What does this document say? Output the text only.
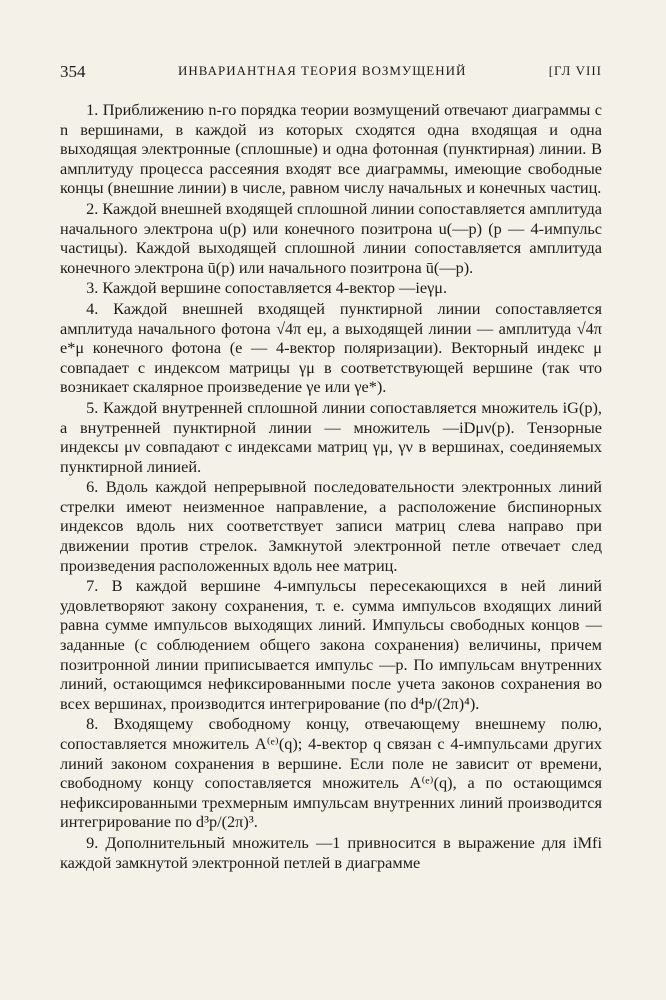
354	ИНВАРИАНТНАЯ ТЕОРИЯ ВОЗМУЩЕНИЙ	[ГЛ VIII

1. Приближению n-го порядка теории возмущений отвечают диаграммы с n вершинами, в каждой из которых сходятся одна входящая и одна выходящая электронные (сплошные) и одна фотонная (пунктирная) линии. В амплитуду процесса рассеяния входят все диаграммы, имеющие свободные концы (внешние линии) в числе, равном числу начальных и конечных частиц.

2. Каждой внешней входящей сплошной линии сопоставляется амплитуда начального электрона u(p) или конечного позитрона u(—p) (p — 4-импульс частицы). Каждой выходящей сплошной линии сопоставляется амплитуда конечного электрона ū(p) или начального позитрона ū(—p).

3. Каждой вершине сопоставляется 4-вектор —ieγμ.

4. Каждой внешней входящей пунктирной линии сопоставляется амплитуда начального фотона √4π eμ, а выходящей линии — амплитуда √4π e*μ конечного фотона (e — 4-вектор поляризации). Векторный индекс μ совпадает с индексом матрицы γμ в соответствующей вершине (так что возникает скалярное произведение γe или γe*).

5. Каждой внутренней сплошной линии сопоставляется множитель iG(p), а внутренней пунктирной линии — множитель —iDμν(p). Тензорные индексы μν совпадают с индексами матриц γμ, γν в вершинах, соединяемых пунктирной линией.

6. Вдоль каждой непрерывной последовательности электронных линий стрелки имеют неизменное направление, а расположение биспинорных индексов вдоль них соответствует записи матриц слева направо при движении против стрелок. Замкнутой электронной петле отвечает след произведения расположенных вдоль нее матриц.

7. В каждой вершине 4-импульсы пересекающихся в ней линий удовлетворяют закону сохранения, т. е. сумма импульсов входящих линий равна сумме импульсов выходящих линий. Импульсы свободных концов — заданные (с соблюдением общего закона сохранения) величины, причем позитронной линии приписывается импульс —p. По импульсам внутренних линий, остающимся нефиксированными после учета законов сохранения во всех вершинах, производится интегрирование (по d⁴p/(2π)⁴).

8. Входящему свободному концу, отвечающему внешнему полю, сопоставляется множитель A⁽ᵉ⁾(q); 4-вектор q связан с 4-импульсами других линий законом сохранения в вершине. Если поле не зависит от времени, свободному концу сопоставляется множитель A⁽ᵉ⁾(q), а по остающимся нефиксированными трехмерным импульсам внутренних линий производится интегрирование по d³p/(2π)³.

9. Дополнительный множитель —1 привносится в выражение для iMfi каждой замкнутой электронной петлей в диаграмме
